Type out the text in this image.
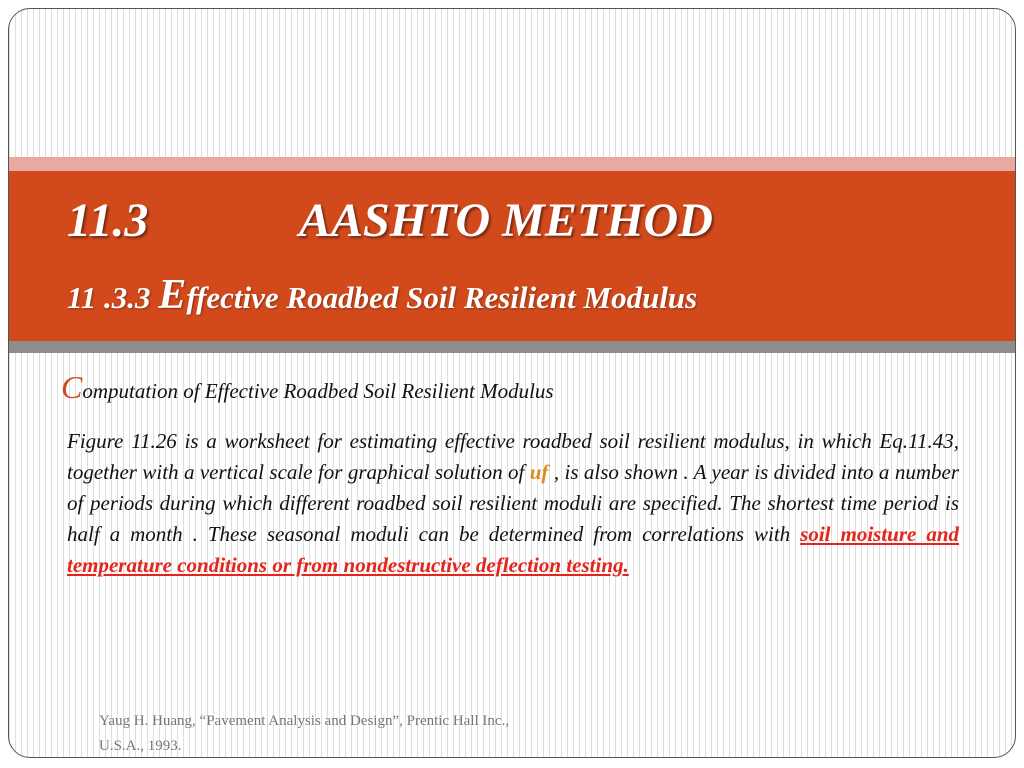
11.3	AASHTO METHOD
11 .3.3 Effective Roadbed Soil Resilient Modulus
Computation of Effective Roadbed Soil Resilient Modulus
Figure 11.26 is a worksheet for estimating effective roadbed soil resilient modulus, in which Eq.11.43, together with a vertical scale for graphical solution of uf , is also shown . A year is divided into a number of periods during which different roadbed soil resilient moduli are specified. The shortest time period is half a month . These seasonal moduli can be determined from correlations with soil moisture and temperature conditions or from nondestructive deflection testing.
Yaug H. Huang, “Pavement Analysis and Design”, Prentic Hall Inc.,
U.S.A., 1993.
